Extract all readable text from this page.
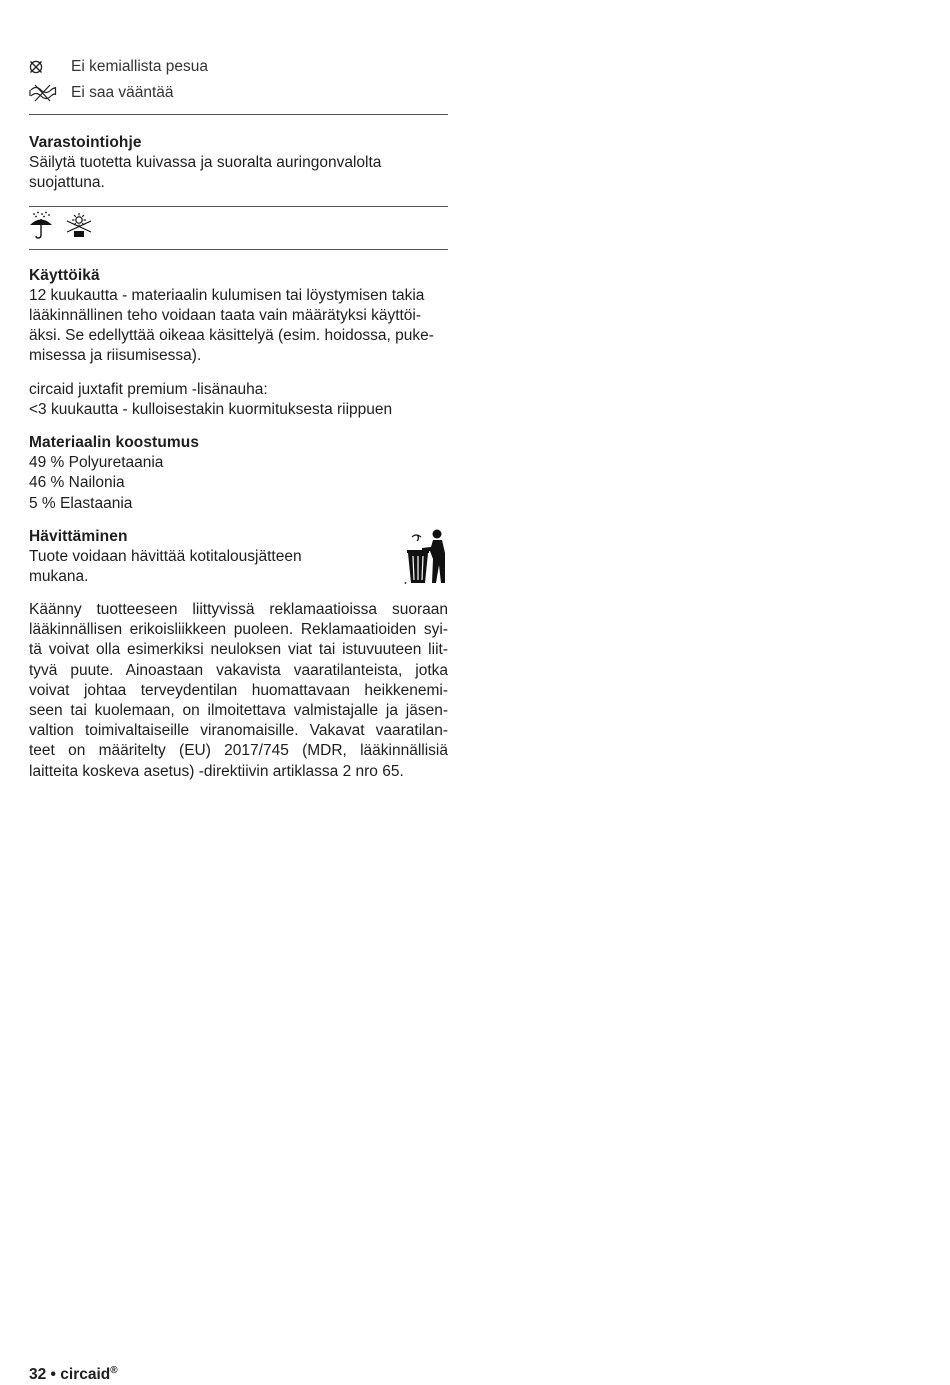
Ei kemiallista pesua
Ei saa vääntää
Varastointiohje

Säilytä tuotetta kuivassa ja suoralta auringonvalolta suojattuna.

Käyttöikä

12 kuukautta - materiaalin kulumisen tai löystymisen takia

lääkinnällinen teho voidaan taata vain määrätyksi käyttöi-

äksi. Se edellyttää oikeaa käsittelyä (esim. hoidossa, puke-

misessa ja riisumisessa).

circaid juxtafit premium -lisänauha:

<3 kuukautta - kulloisestakin kuormituksesta riippuen

Materiaalin koostumus

49 % Polyuretaania

46 % Nailonia

5 % Elastaania

Hävittäminen

Tuote voidaan hävittää kotitalousjätteen

mukana.

Käänny tuotteeseen liittyvissä reklamaatioissa suoraan

lääkinnällisen erikoisliikkeen puoleen. Reklamaatioiden syi-

tä voivat olla esimerkiksi neuloksen viat tai istuvuuteen liit-

tyvä puute. Ainoastaan vakavista vaaratilanteista, jotka

voivat johtaa terveydentilan huomattavaan heikkenemi-

seen tai kuolemaan, on ilmoitettava valmistajalle ja jäsen-

valtion toimivaltaiseille viranomaisille. Vakavat vaaratilan-

teet on määritelty (EU) 2017/745 (MDR, lääkinnällisiä

laitteita koskeva asetus) -direktiivin artiklassa 2 nro 65.

32 • circaid®
